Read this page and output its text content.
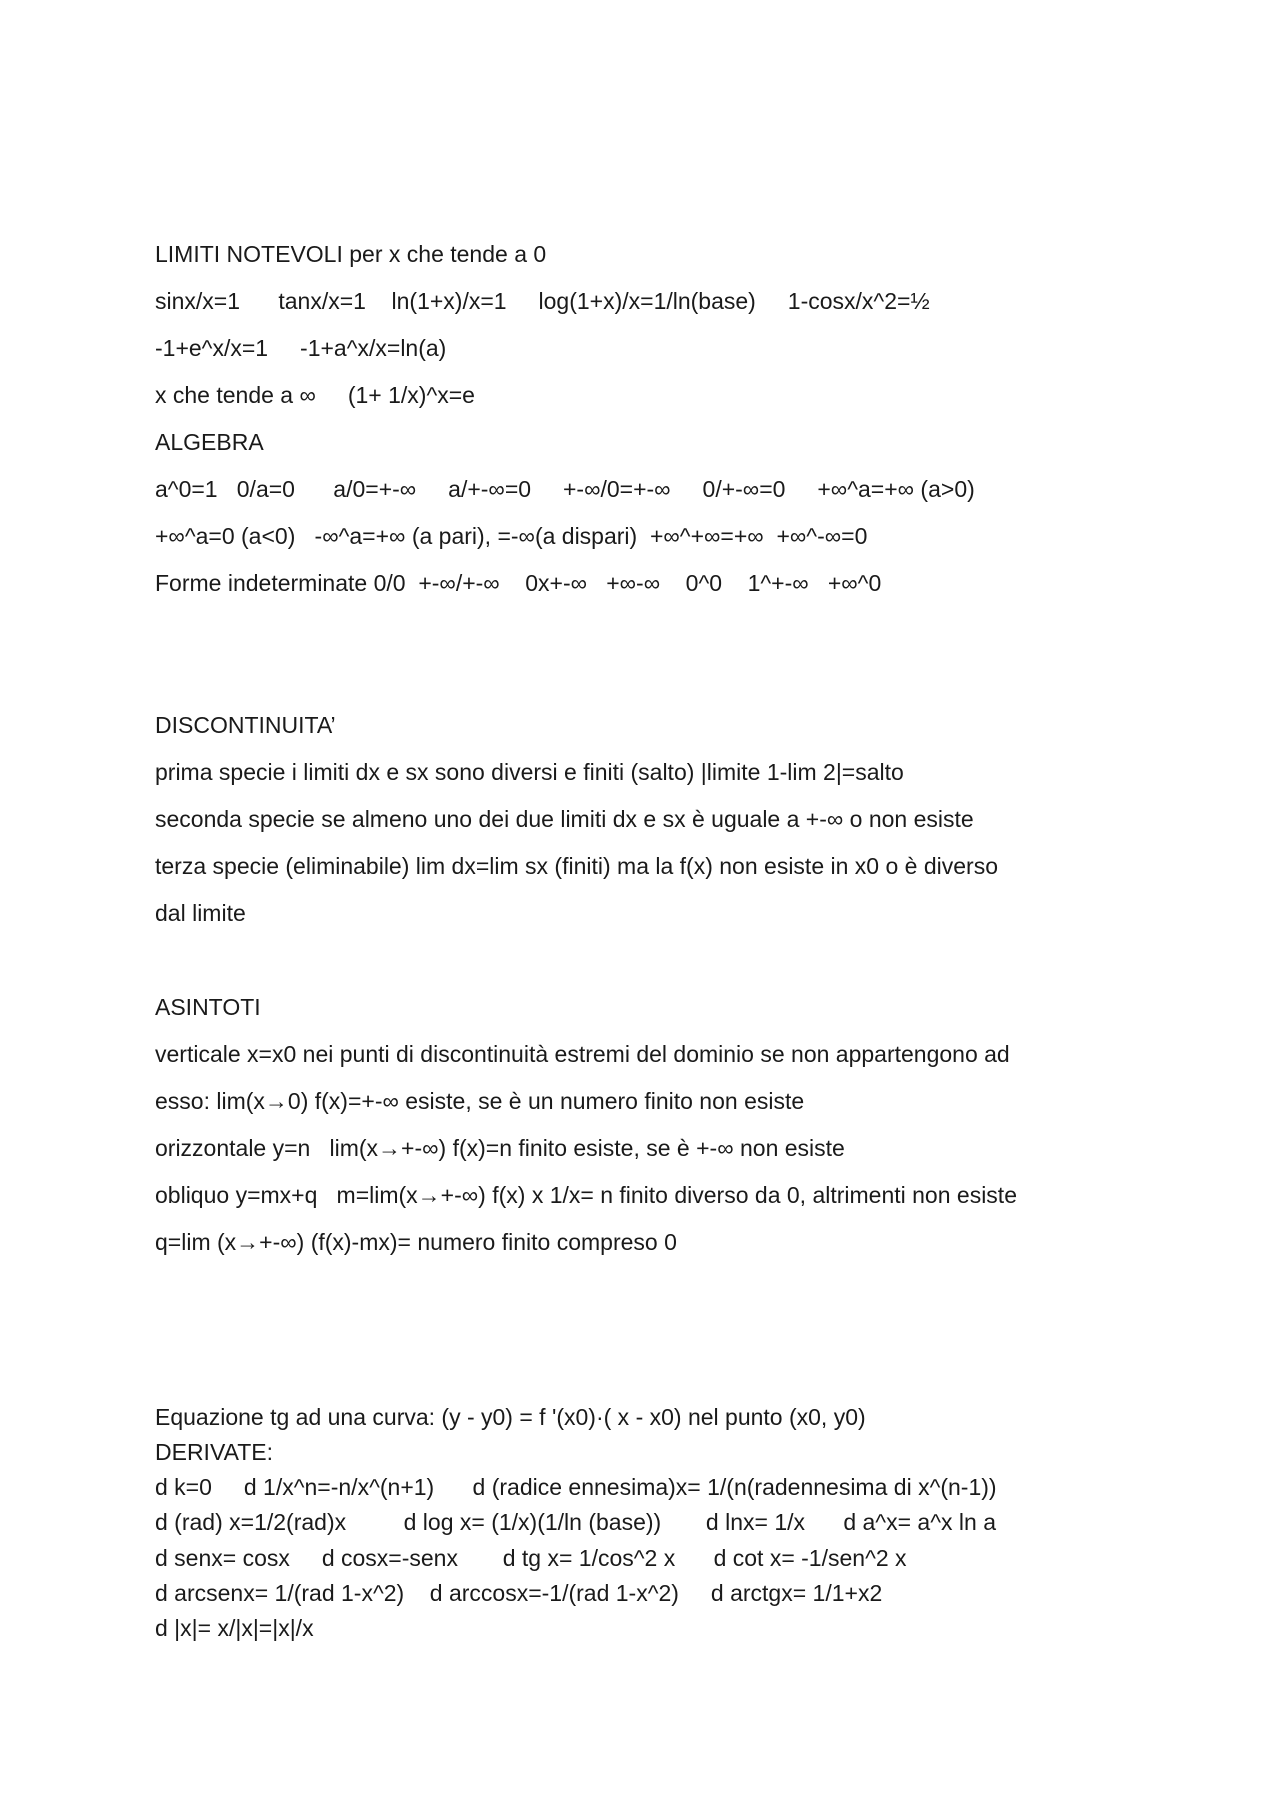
LIMITI NOTEVOLI per x che tende a 0
sinx/x=1      tanx/x=1    ln(1+x)/x=1     log(1+x)/x=1/ln(base)     1-cosx/x^2=½
-1+e^x/x=1     -1+a^x/x=ln(a)
x che tende a ∞     (1+ 1/x)^x=e
ALGEBRA
a^0=1   0/a=0      a/0=+-∞     a/+-∞=0     +-∞/0=+-∞     0/+-∞=0     +∞^a=+∞ (a>0)
+∞^a=0 (a<0)   -∞^a=+∞ (a pari), =-∞(a dispari)  +∞^+∞=+∞  +∞^-∞=0
Forme indeterminate 0/0  +-∞/+-∞    0x+-∞   +∞-∞    0^0    1^+-∞   +∞^0
DISCONTINUITA’
prima specie i limiti dx e sx sono diversi e finiti (salto) |limite 1-lim 2|=salto
seconda specie se almeno uno dei due limiti dx e sx è uguale a +-∞ o non esiste
terza specie (eliminabile) lim dx=lim sx (finiti) ma la f(x) non esiste in x0 o è diverso
dal limite
ASINTOTI
verticale x=x0 nei punti di discontinuità estremi del dominio se non appartengono ad
esso: lim(x→0) f(x)=+-∞ esiste, se è un numero finito non esiste
orizzontale y=n   lim(x→+-∞) f(x)=n finito esiste, se è +-∞ non esiste
obliquo y=mx+q   m=lim(x→+-∞) f(x) x 1/x= n finito diverso da 0, altrimenti non esiste
q=lim (x→+-∞) (f(x)-mx)= numero finito compreso 0
Equazione tg ad una curva: (y - y0) = f '(x0)·( x - x0) nel punto (x0, y0)
DERIVATE:
d k=0     d 1/x^n=-n/x^(n+1)      d (radice ennesima)x= 1/(n(radennesima di x^(n-1))
d (rad) x=1/2(rad)x         d log x= (1/x)(1/ln (base))       d lnx= 1/x      d a^x= a^x ln a
d senx= cosx     d cosx=-senx       d tg x= 1/cos^2 x      d cot x= -1/sen^2 x
d arcsenx= 1/(rad 1-x^2)    d arccosx=-1/(rad 1-x^2)     d arctgx= 1/1+x2
d |x|= x/|x|=|x|/x
